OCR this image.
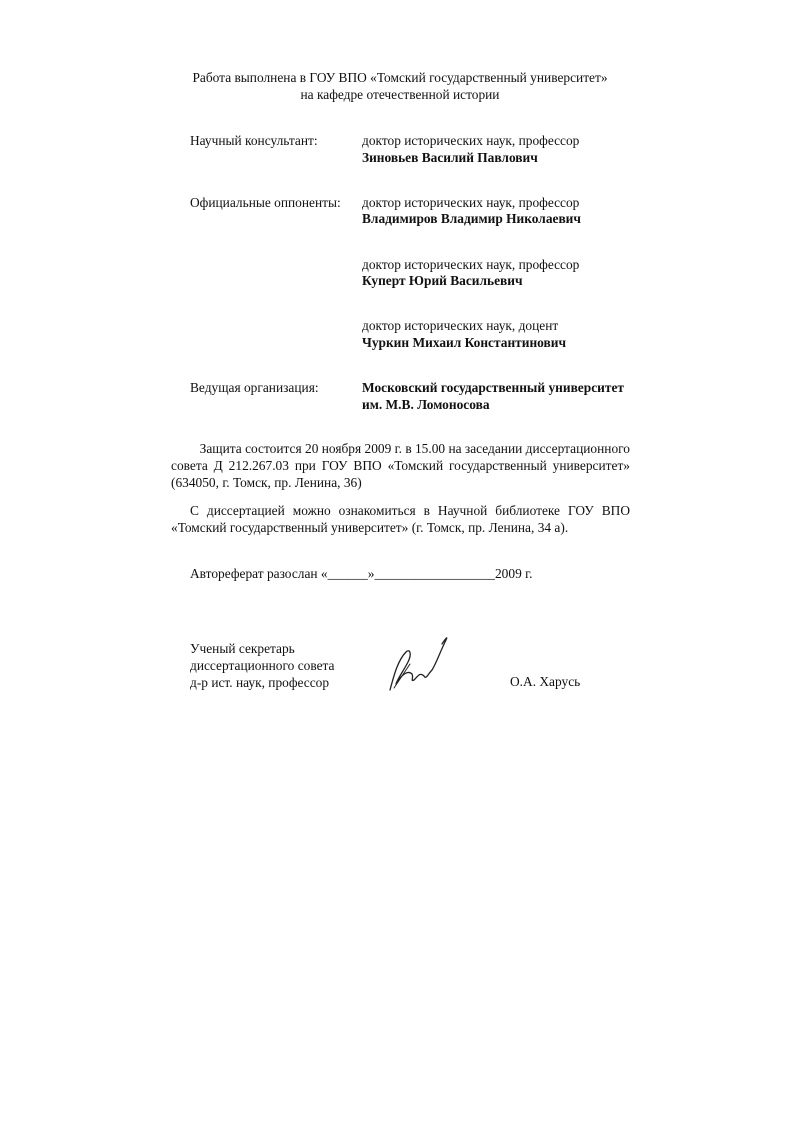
Работа выполнена в ГОУ ВПО «Томский государственный университет»
на кафедре отечественной истории
Научный консультант:	доктор исторических наук, профессор
Зиновьев Василий Павлович
Официальные оппоненты: доктор исторических наук, профессор
Владимиров Владимир Николаевич
доктор исторических наук, профессор
Куперт Юрий Васильевич
доктор исторических наук, доцент
Чуркин Михаил Константинович
Ведущая организация:	Московский государственный университет
им. М.В. Ломоносова
Защита состоится 20 ноября 2009 г. в 15.00 на заседании диссертационного
совета Д 212.267.03 при ГОУ ВПО «Томский государственный университет»
(634050, г. Томск, пр. Ленина, 36)
С диссертацией можно ознакомиться в Научной библиотеке ГОУ ВПО
«Томский государственный университет» (г. Томск, пр. Ленина, 34 а).
Автореферат разослан «______»__________________2009 г.
Ученый секретарь
диссертационного совета
д-р ист. наук, профессор	О.А. Харусь
